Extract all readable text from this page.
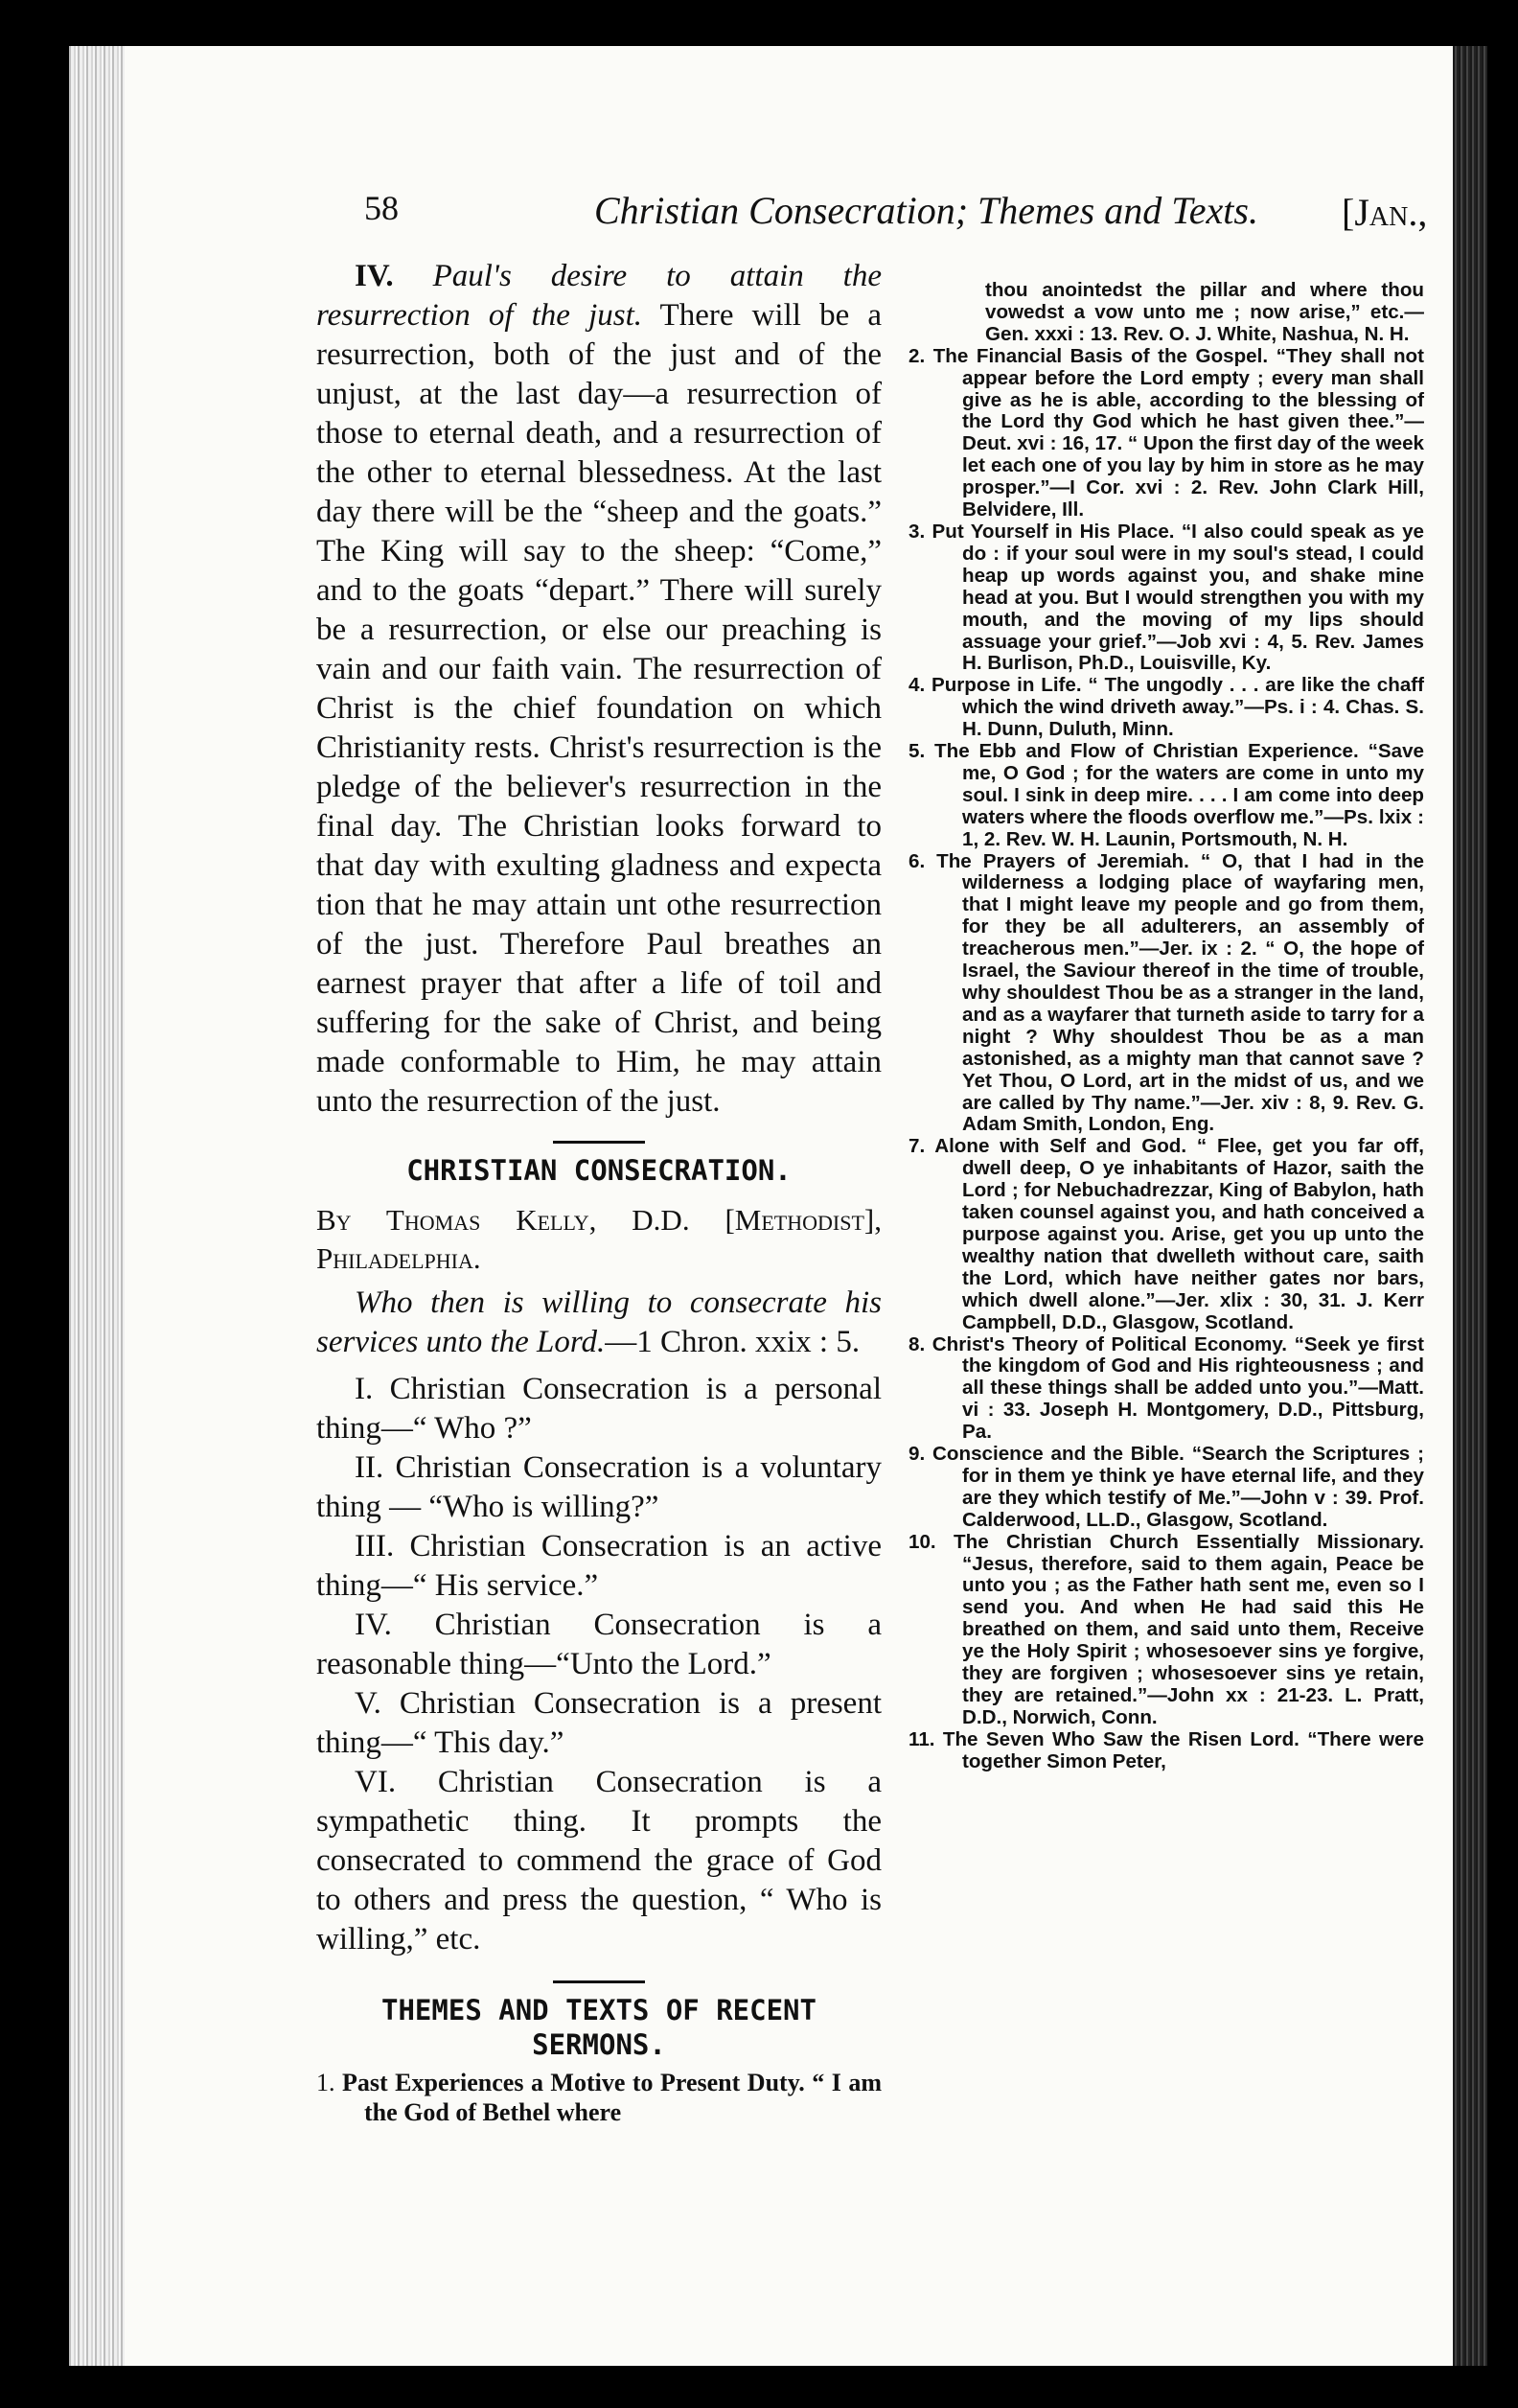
58	Christian Consecration; Themes and Texts. [Jan.,

IV. Paul's desire to attain the resurrection of the just. There will be a resurrection, both of the just and of the unjust, at the last day—a resurrection of those to eternal death, and a resurrection of the other to eternal blessedness. At the last day there will be the “sheep and the goats.” The King will say to the sheep: “Come,” and to the goats “depart.” There will surely be a resurrection, or else our preaching is vain and our faith vain. The resurrection of Christ is the chief foundation on which Christianity rests. Christ's resurrection is the pledge of the believer's resurrection in the final day. The Christian looks forward to that day with exulting gladness and expecta tion that he may attain unt othe resurrection of the just. Therefore Paul breathes an earnest prayer that after a life of toil and suffering for the sake of Christ, and being made conformable to Him, he may attain unto the resurrection of the just.

CHRISTIAN CONSECRATION.

By Thomas Kelly, D.D. [Methodist], Philadelphia.

Who then is willing to consecrate his services unto the Lord.—1 Chron. xxix : 5.

I. Christian Consecration is a personal thing—“ Who ?”

II. Christian Consecration is a voluntary thing — “Who is willing?”

III. Christian Consecration is an active thing—“ His service.”

IV. Christian Consecration is a reasonable thing—“Unto the Lord.”

V. Christian Consecration is a present thing—“ This day.”

VI. Christian Consecration is a sympathetic thing. It prompts the consecrated to commend the grace of God to others and press the question, “ Who is willing,” etc.

THEMES AND TEXTS OF RECENT SERMONS.

1. Past Experiences a Motive to Present Duty. “ I am the God of Bethel where

thou anointedst the pillar and where thou vowedst a vow unto me ; now arise,” etc.—Gen. xxxi : 13. Rev. O. J. White, Nashua, N. H.

2. The Financial Basis of the Gospel. “They shall not appear before the Lord empty ; every man shall give as he is able, according to the blessing of the Lord thy God which he hast given thee.”—Deut. xvi : 16, 17. “ Upon the first day of the week let each one of you lay by him in store as he may prosper.”—I Cor. xvi : 2. Rev. John Clark Hill, Belvidere, Ill.

3. Put Yourself in His Place. “I also could speak as ye do : if your soul were in my soul's stead, I could heap up words against you, and shake mine head at you. But I would strengthen you with my mouth, and the moving of my lips should assuage your grief.”—Job xvi : 4, 5. Rev. James H. Burlison, Ph.D., Louisville, Ky.

4. Purpose in Life. “ The ungodly . . . are like the chaff which the wind driveth away.”—Ps. i : 4. Chas. S. H. Dunn, Duluth, Minn.

5. The Ebb and Flow of Christian Experience. “Save me, O God ; for the waters are come in unto my soul. I sink in deep mire. . . . I am come into deep waters where the floods overflow me.”—Ps. lxix : 1, 2. Rev. W. H. Launin, Portsmouth, N. H.

6. The Prayers of Jeremiah. “ O, that I had in the wilderness a lodging place of wayfaring men, that I might leave my people and go from them, for they be all adulterers, an assembly of treacherous men.”—Jer. ix : 2. “ O, the hope of Israel, the Saviour thereof in the time of trouble, why shouldest Thou be as a stranger in the land, and as a wayfarer that turneth aside to tarry for a night ? Why shouldest Thou be as a man astonished, as a mighty man that cannot save ? Yet Thou, O Lord, art in the midst of us, and we are called by Thy name.”—Jer. xiv : 8, 9. Rev. G. Adam Smith, London, Eng.

7. Alone with Self and God. “ Flee, get you far off, dwell deep, O ye inhabitants of Hazor, saith the Lord ; for Nebuchadrezzar, King of Babylon, hath taken counsel against you, and hath conceived a purpose against you. Arise, get you up unto the wealthy nation that dwelleth without care, saith the Lord, which have neither gates nor bars, which dwell alone.”—Jer. xlix : 30, 31. J. Kerr Campbell, D.D., Glasgow, Scotland.

8. Christ's Theory of Political Economy. “Seek ye first the kingdom of God and His righteousness ; and all these things shall be added unto you.”—Matt. vi : 33. Joseph H. Montgomery, D.D., Pittsburg, Pa.

9. Conscience and the Bible. “Search the Scriptures ; for in them ye think ye have eternal life, and they are they which testify of Me.”—John v : 39. Prof. Calderwood, LL.D., Glasgow, Scotland.

10. The Christian Church Essentially Missionary. “Jesus, therefore, said to them again, Peace be unto you ; as the Father hath sent me, even so I send you. And when He had said this He breathed on them, and said unto them, Receive ye the Holy Spirit ; whosesoever sins ye forgive, they are forgiven ; whosesoever sins ye retain, they are retained.”—John xx : 21-23. L. Pratt, D.D., Norwich, Conn.

11. The Seven Who Saw the Risen Lord. “There were together Simon Peter,
